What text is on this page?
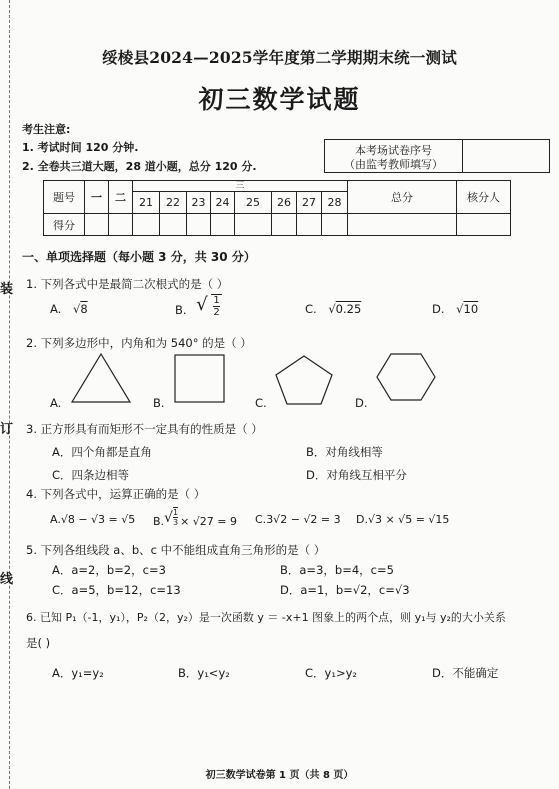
装
订
线
绥棱县2024—2025学年度第二学期期末统一测试
初三数学试题
考生注意:
1. 考试时间 120 分钟.
2. 全卷共三道大题，28 道小题，总分 120 分.
本考场试卷序号
（由监考教师填写）
题号	一	二	三								总分	核分人
			21	22	23	24	25	26	27	28		
得分												
一、单项选择题（每小题 3 分，共 30 分）
1. 下列各式中是最简二次根式的是（ ）
A. √8	B. √ $\frac{1}{2}$	C. √0.25	D. √10
2. 下列多边形中，内角和为 540° 的是（ ）
A.	B.	C.	D.
3. 正方形具有而矩形不一定具有的性质是（ ）
A．四个角都是直角	B．对角线相等
C．四条边相等	D．对角线互相平分
4. 下列各式中，运算正确的是（ ）
A.√8 − √3 = √5 $B.√ \frac{1}{3} \times √27 = 9$ C.3√2 − √2 = 3 D.√3 × √5 = √15
5. 下列各组线段 a、b、c 中不能组成直角三角形的是（ ）
A．a=2，b=2，c=3	B．a=3，b=4，c=5
C．a=5，b=12，c=13	D．a=1，b=√2，c=√3
6. 已知 P₁（-1，y₁），P₂（2，y₂）是一次函数 y ＝ -x+1 图象上的两个点，则 y₁与 y₂的大小关系
是( )
A．y₁=y₂	B．y₁<y₂	C．y₁>y₂	D．不能确定
初三数学试卷第 1 页（共 8 页）
